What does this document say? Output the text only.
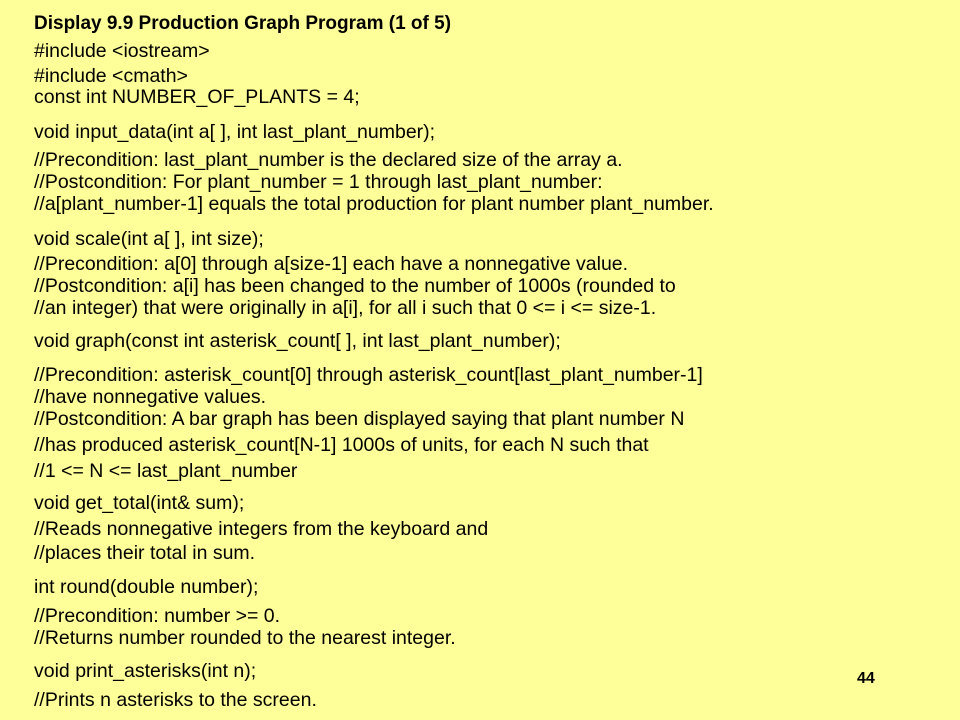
Display 9.9 Production Graph Program (1 of 5)
#include <iostream>
#include <cmath>
const int NUMBER_OF_PLANTS = 4;
void input_data(int a[ ], int last_plant_number);
//Precondition: last_plant_number is the declared size of the array a.
//Postcondition: For plant_number = 1 through last_plant_number:
//a[plant_number-1] equals the total production for plant number plant_number.
void scale(int a[ ], int size);
//Precondition: a[0] through a[size-1] each have a nonnegative value.
//Postcondition: a[i] has been changed to the number of 1000s (rounded to
//an integer) that were originally in a[i], for all i such that 0 <= i <= size-1.
void graph(const int asterisk_count[ ], int last_plant_number);
//Precondition: asterisk_count[0] through asterisk_count[last_plant_number-1]
//have nonnegative values.
//Postcondition: A bar graph has been displayed saying that plant number N
//has produced asterisk_count[N-1] 1000s of units, for each N such that
//1 <= N <= last_plant_number
void get_total(int& sum);
//Reads nonnegative integers from the keyboard and
//places their total in sum.
int round(double number);
//Precondition: number >= 0.
//Returns number rounded to the nearest integer.
void print_asterisks(int n);
//Prints n asterisks to the screen.
44
